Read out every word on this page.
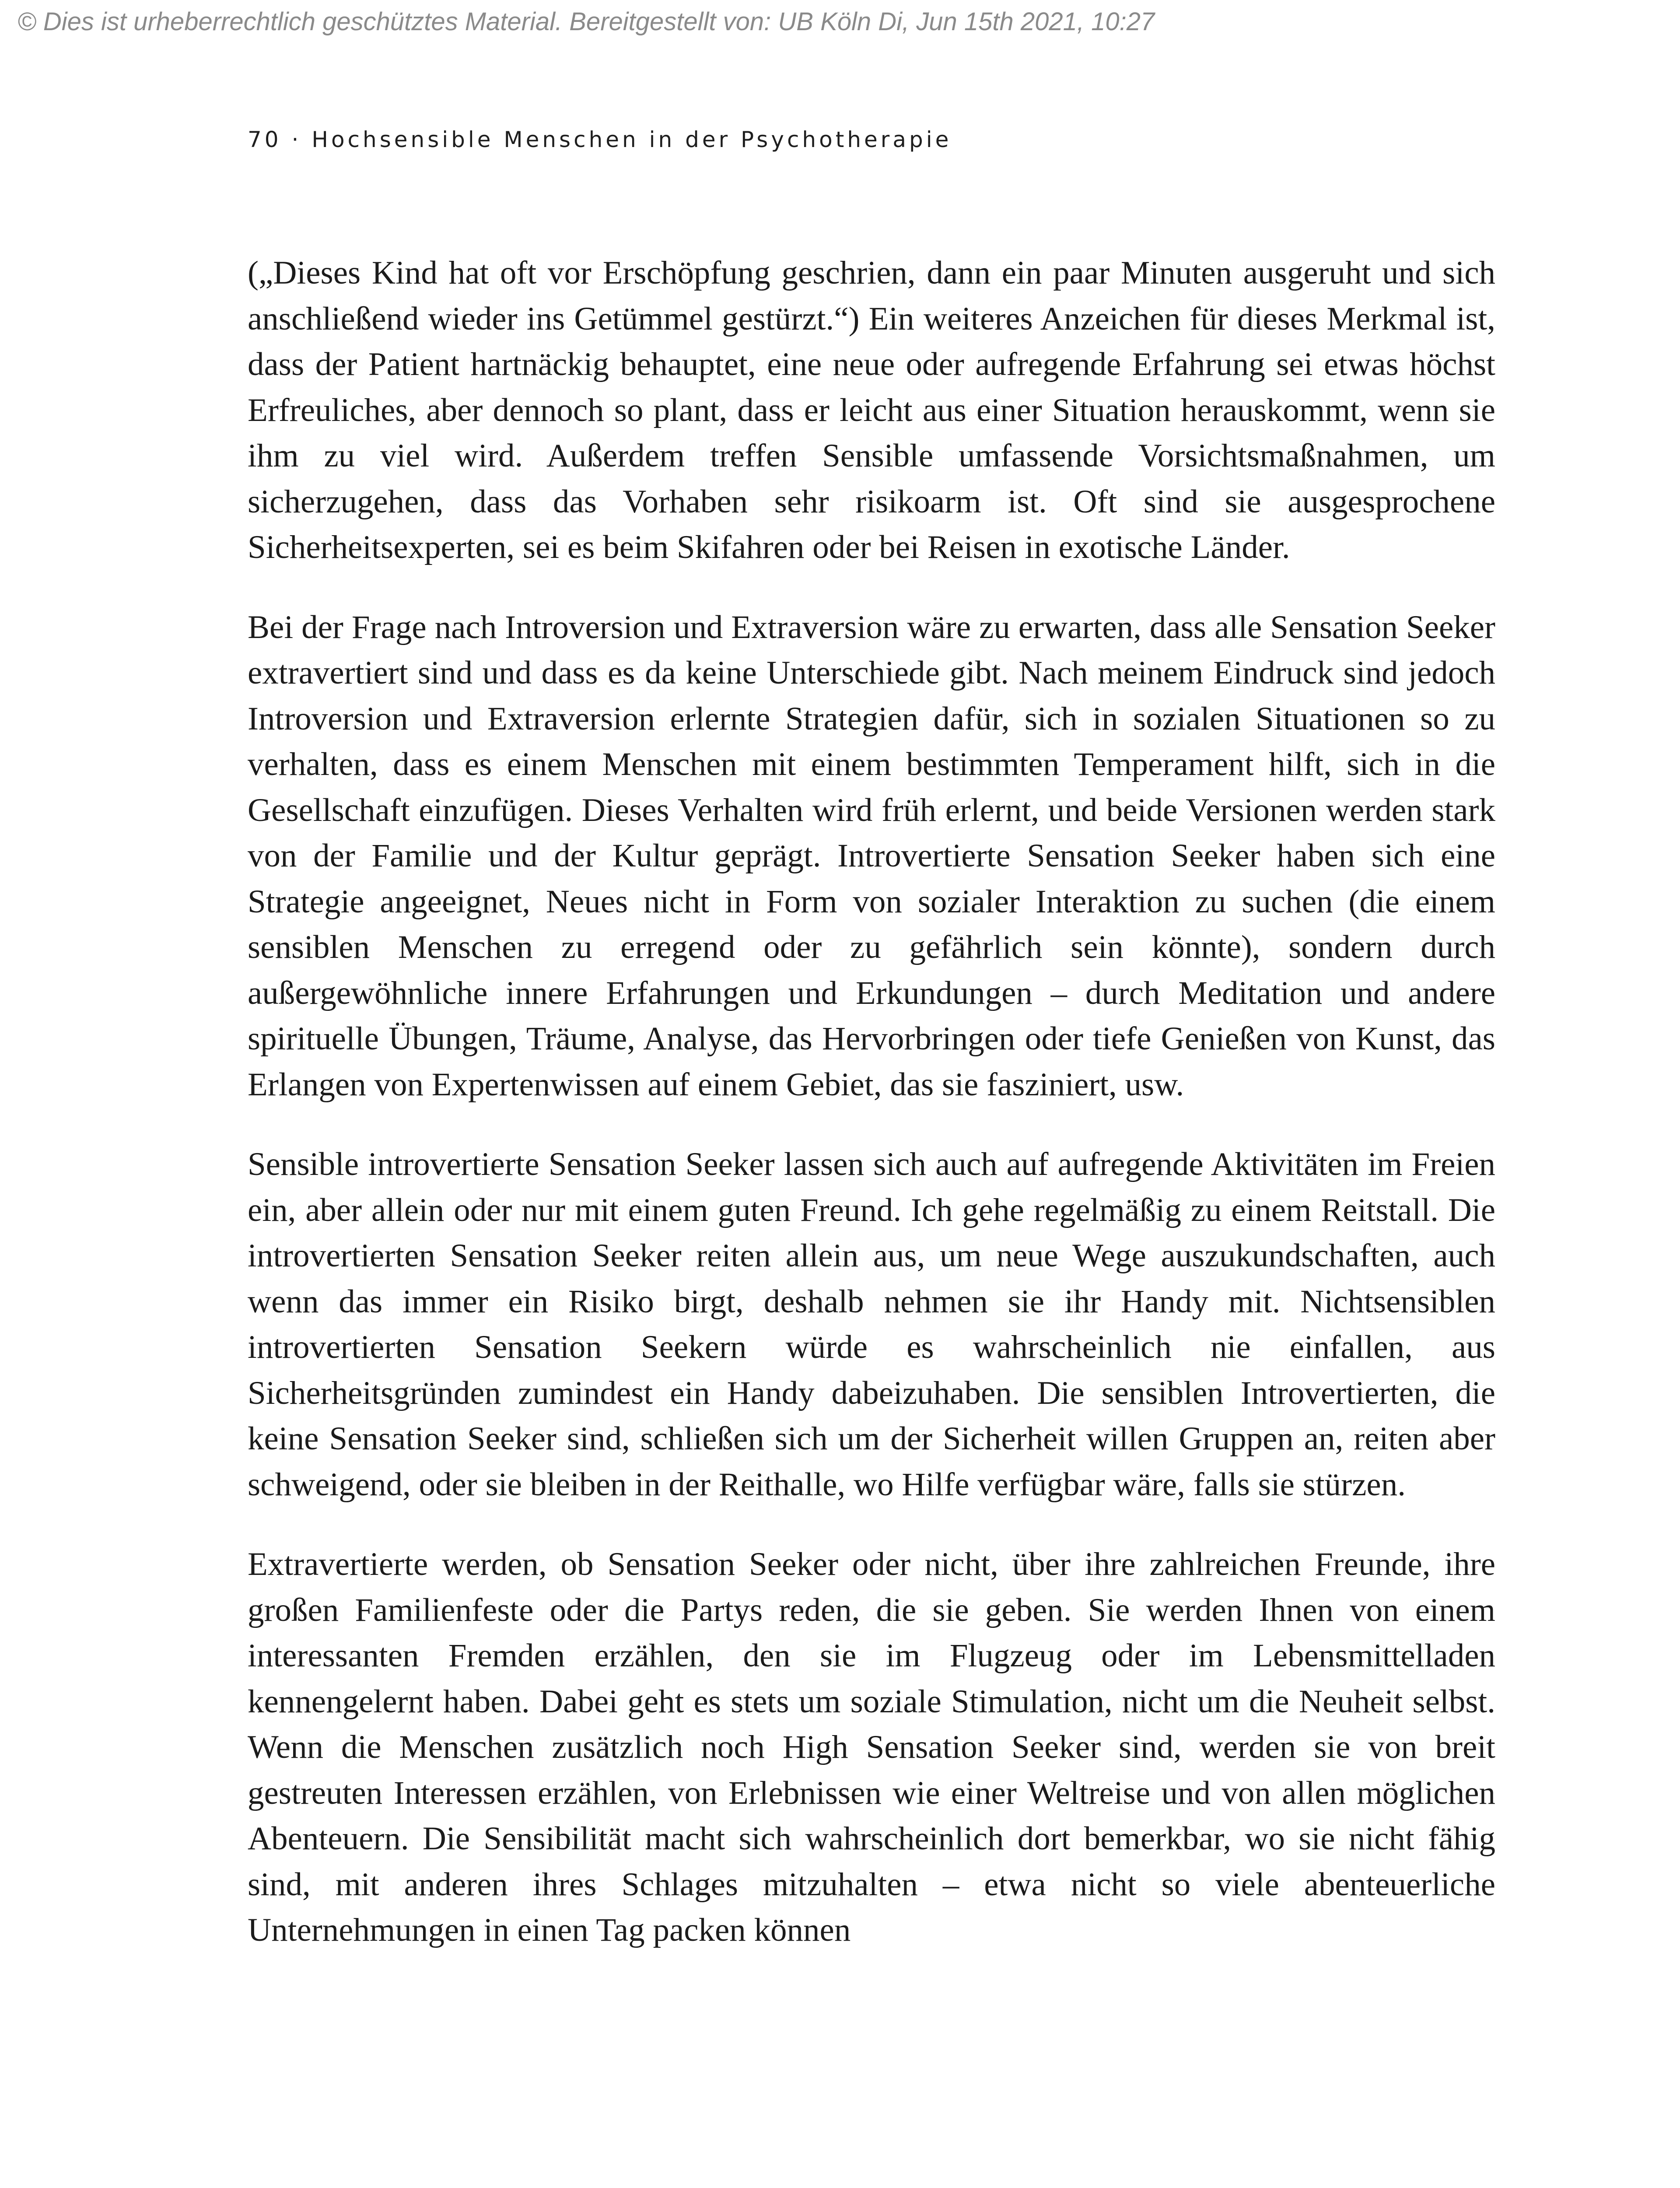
© Dies ist urheberrechtlich geschütztes Material. Bereitgestellt von: UB Köln Di, Jun 15th 2021, 10:27
70 · Hochsensible Menschen in der Psychotherapie

(„Dieses Kind hat oft vor Erschöpfung geschrien, dann ein paar Minuten ausgeruht und sich anschließend wieder ins Getümmel gestürzt.“) Ein weiteres Anzeichen für dieses Merkmal ist, dass der Patient hartnäckig behauptet, eine neue oder aufregende Erfahrung sei etwas höchst Erfreuliches, aber dennoch so plant, dass er leicht aus einer Situation herauskommt, wenn sie ihm zu viel wird. Außerdem treffen Sensible umfassende Vorsichtsmaßnahmen, um sicherzugehen, dass das Vorhaben sehr risikoarm ist. Oft sind sie ausgesprochene Sicherheitsexperten, sei es beim Skifahren oder bei Reisen in exotische Länder.

Bei der Frage nach Introversion und Extraversion wäre zu erwarten, dass alle Sensation Seeker extravertiert sind und dass es da keine Unterschiede gibt. Nach meinem Eindruck sind jedoch Introversion und Extraversion erlernte Strategien dafür, sich in sozialen Situationen so zu verhalten, dass es einem Menschen mit einem bestimmten Temperament hilft, sich in die Gesellschaft einzufügen. Dieses Verhalten wird früh erlernt, und beide Versionen werden stark von der Familie und der Kultur geprägt. Introvertierte Sensation Seeker haben sich eine Strategie angeeignet, Neues nicht in Form von sozialer Interaktion zu suchen (die einem sensiblen Menschen zu erregend oder zu gefährlich sein könnte), sondern durch außergewöhnliche innere Erfahrungen und Erkundungen – durch Meditation und andere spirituelle Übungen, Träume, Analyse, das Hervorbringen oder tiefe Genießen von Kunst, das Erlangen von Expertenwissen auf einem Gebiet, das sie fasziniert, usw.

Sensible introvertierte Sensation Seeker lassen sich auch auf aufregende Aktivitäten im Freien ein, aber allein oder nur mit einem guten Freund. Ich gehe regelmäßig zu einem Reitstall. Die introvertierten Sensation Seeker reiten allein aus, um neue Wege auszukundschaften, auch wenn das immer ein Risiko birgt, deshalb nehmen sie ihr Handy mit. Nichtsensiblen introvertierten Sensation Seekern würde es wahrscheinlich nie einfallen, aus Sicherheitsgründen zumindest ein Handy dabeizuhaben. Die sensiblen Introvertierten, die keine Sensation Seeker sind, schließen sich um der Sicherheit willen Gruppen an, reiten aber schweigend, oder sie bleiben in der Reithalle, wo Hilfe verfügbar wäre, falls sie stürzen.

Extravertierte werden, ob Sensation Seeker oder nicht, über ihre zahlreichen Freunde, ihre großen Familienfeste oder die Partys reden, die sie geben. Sie werden Ihnen von einem interessanten Fremden erzählen, den sie im Flugzeug oder im Lebensmittelladen kennengelernt haben. Dabei geht es stets um soziale Stimulation, nicht um die Neuheit selbst. Wenn die Menschen zusätzlich noch High Sensation Seeker sind, werden sie von breit gestreuten Interessen erzählen, von Erlebnissen wie einer Weltreise und von allen möglichen Abenteuern. Die Sensibilität macht sich wahrscheinlich dort bemerkbar, wo sie nicht fähig sind, mit anderen ihres Schlages mitzuhalten – etwa nicht so viele abenteuerliche Unternehmungen in einen Tag packen können
